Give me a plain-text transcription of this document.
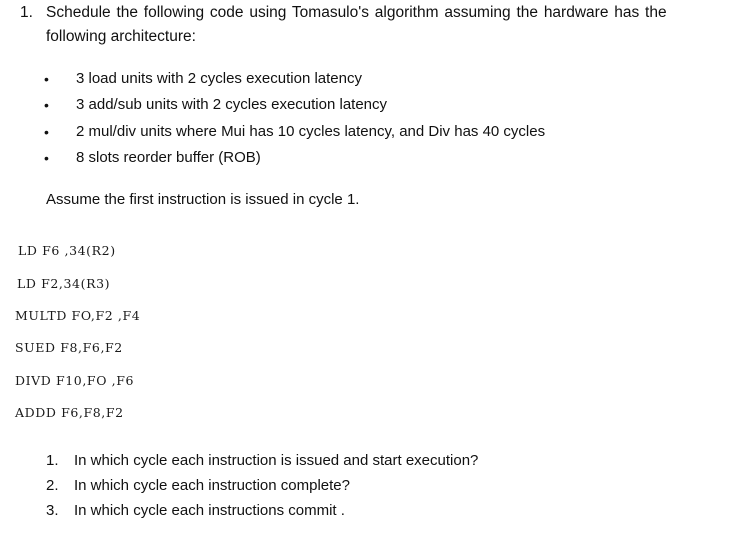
1. Schedule the following code using Tomasulo's algorithm assuming the hardware has the
following architecture:
• 3 load units with 2 cycles execution latency
• 3 add/sub units with 2 cycles execution latency
• 2 mul/div units where Mui has 10 cycles latency, and Div has 40 cycles
• 8 slots reorder buffer (ROB)
Assume the first instruction is issued in cycle 1.
LD F6 ,34(R2)
LD F2,34(R3)
MULTD FO,F2 ,F4
SUED F8,F6,F2
DIVD F10,FO ,F6
ADDD F6,F8,F2
1. In which cycle each instruction is issued and start execution?
2. In which cycle each instruction complete?
3. In which cycle each instructions commit .
